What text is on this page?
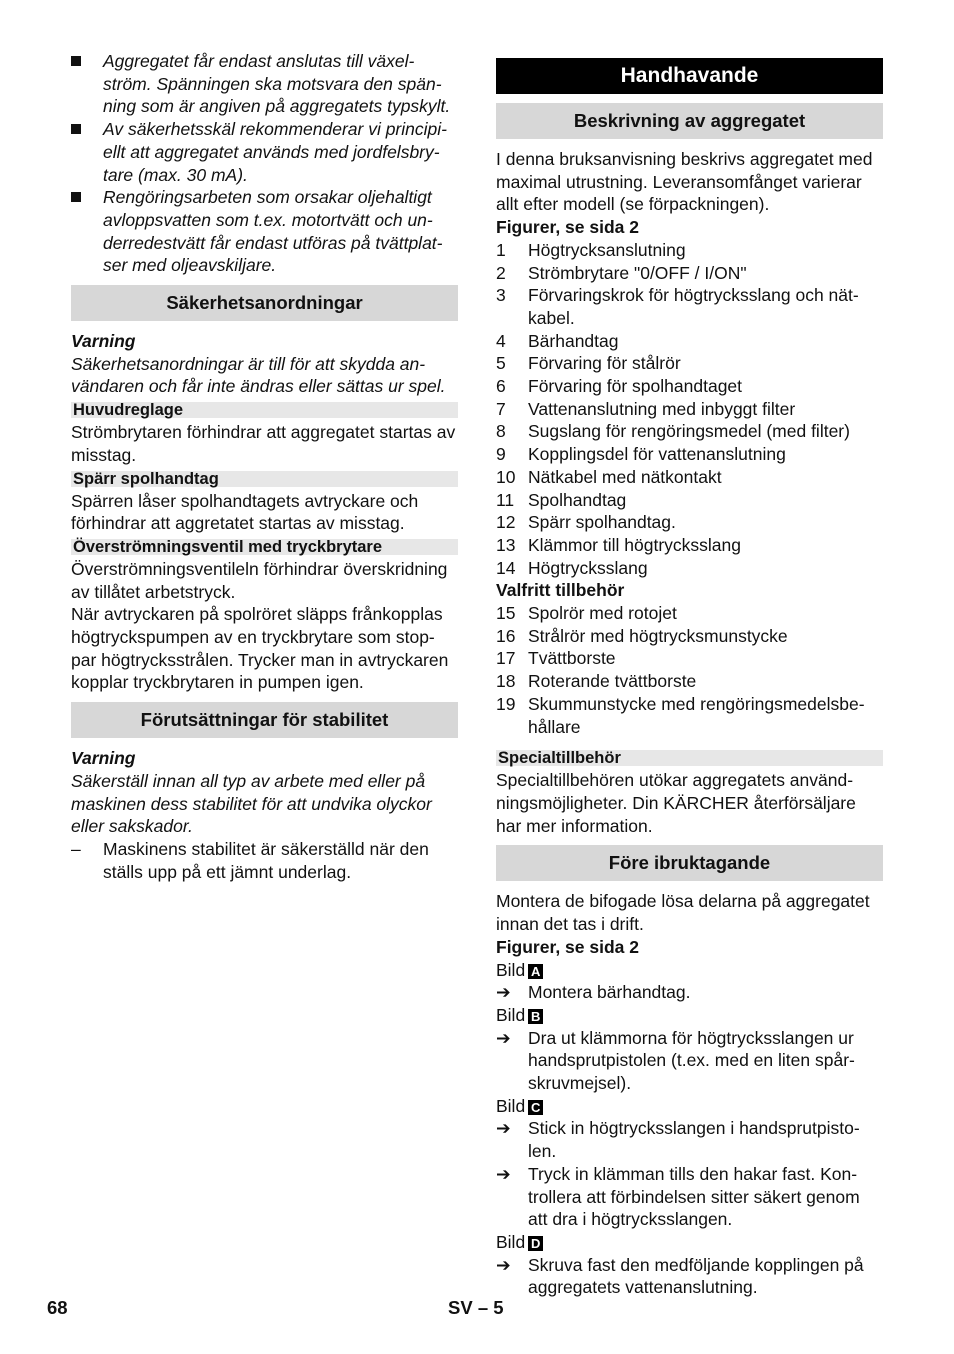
Aggregatet får endast anslutas till växel-ström. Spänningen ska motsvara den spän-ning som är angiven på aggregatets typskylt.
Av säkerhetsskäl rekommenderar vi principi-ellt att aggregatet används med jordfelsbry-tare (max. 30 mA).
Rengöringsarbeten som orsakar oljehaltigt avloppsvatten som t.ex. motortvätt och un-derredestvätt får endast utföras på tvättplat-ser med oljeavskiljare.
Säkerhetsanordningar

Varning

Säkerhetsanordningar är till för att skydda an-vändaren och får inte ändras eller sättas ur spel.

Huvudreglage

Strömbrytaren förhindrar att aggregatet startas av misstag.

Spärr spolhandtag

Spärren låser spolhandtagets avtryckare och förhindrar att aggretatet startas av misstag.

Överströmningsventil med tryckbrytare

Överströmningsventileln förhindrar överskridning av tillåtet arbetstryck.

När avtryckaren på spolröret släpps frånkopplas högtryckspumpen av en tryckbrytare som stop-par högtrycksstrålen. Trycker man in avtryckaren kopplar tryckbrytaren in pumpen igen.

Förutsättningar för stabilitet

Varning

Säkerställ innan all typ av arbete med eller på maskinen dess stabilitet för att undvika olyckor eller sakskador.

–	Maskinens stabilitet är säkerställd när den ställs upp på ett jämnt underlag.
Handhavande
Beskrivning av aggregatet

I denna bruksanvisning beskrivs aggregatet med maximal utrustning. Leveransomfånget varierar allt efter modell (se förpackningen).

Figurer, se sida 2

1	Högtrycksanslutning
2	Strömbrytare "0/OFF / I/ON"
3	Förvaringskrok för högtrycksslang och nät-kabel.
4	Bärhandtag
5	Förvaring för stålrör
6	Förvaring för spolhandtaget
7	Vattenanslutning med inbyggt filter
8	Sugslang för rengöringsmedel (med filter)
9	Kopplingsdel för vattenanslutning
10 Nätkabel med nätkontakt
11 Spolhandtag
12 Spärr spolhandtag.
13 Klämmor till högtrycksslang
14 Högtrycksslang

Valfritt tillbehör

15 Spolrör med rotojet
16 Strålrör med högtrycksmunstycke
17 Tvättborste
18 Roterande tvättborste
19 Skummunstycke med rengöringsmedelsbe-hållare
Specialtillbehör

Specialtillbehören utökar aggregatets använd-ningsmöjligheter. Din KÄRCHER återförsäljare har mer information.

Före ibruktagande

Montera de bifogade lösa delarna på aggregatet innan det tas i drift.

Figurer, se sida 2

Bild A

➔ Montera bärhandtag.

Bild B

➔ Dra ut klämmorna för högtrycksslangen ur handsprutpistolen (t.ex. med en liten spår-skruvmejsel).

Bild C

➔ Stick in högtrycksslangen i handsprutpisto-len.
➔ Tryck in klämman tills den hakar fast. Kon-trollera att förbindelsen sitter säkert genom att dra i högtrycksslangen.

Bild D

➔ Skruva fast den medföljande kopplingen på aggregatets vattenanslutning.
68	SV – 5
